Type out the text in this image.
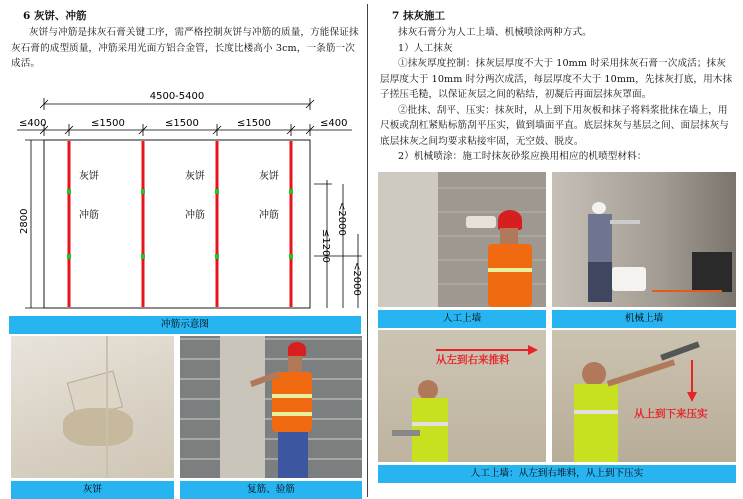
6 灰饼、冲筋
灰饼与冲筋是抹灰石膏关键工序，需严格控制灰饼与冲筋的质量，方能保证抹灰石膏的成型质量，冲筋采用光面方铝合金管，长度比楼高小 3cm，一条筋一次成活。
4500-5400
≤400	≤1500	≤1500	≤1500	≤400
2800
灰饼
冲筋
灰饼
冲筋
灰饼
冲筋	<2000
≤1200
<2000
冲筋示意图
灰饼	复筋、验筋
7 抹灰施工
抹灰石膏分为人工上墙、机械喷涂两种方式。
1）人工抹灰
①抹灰厚度控制：抹灰层厚度不大于 10mm 时采用抹灰石膏一次成活；抹灰层厚度大于 10mm 时分两次成活，每层厚度不大于 10mm，先抹灰打底，用木抹子搓压毛糙，以保证灰层之间的粘结，初凝后再面层抹灰罩面。
②批抹、刮平、压实：抹灰时，从上到下用灰板和抹子将料浆批抹在墙上，用尺板或刮杠紧贴标筋刮平压实，做到墙面平直。底层抹灰与基层之间、面层抹灰与底层抹灰之间均要求粘接牢固，无空鼓、脱皮。
2）机械喷涂：施工时抹灰砂浆应换用相应的机喷型材料：
人工上墙	机械上墙
从左到右来推料
从上到下来压实
人工上墙：从左到右堆料，从上到下压实
